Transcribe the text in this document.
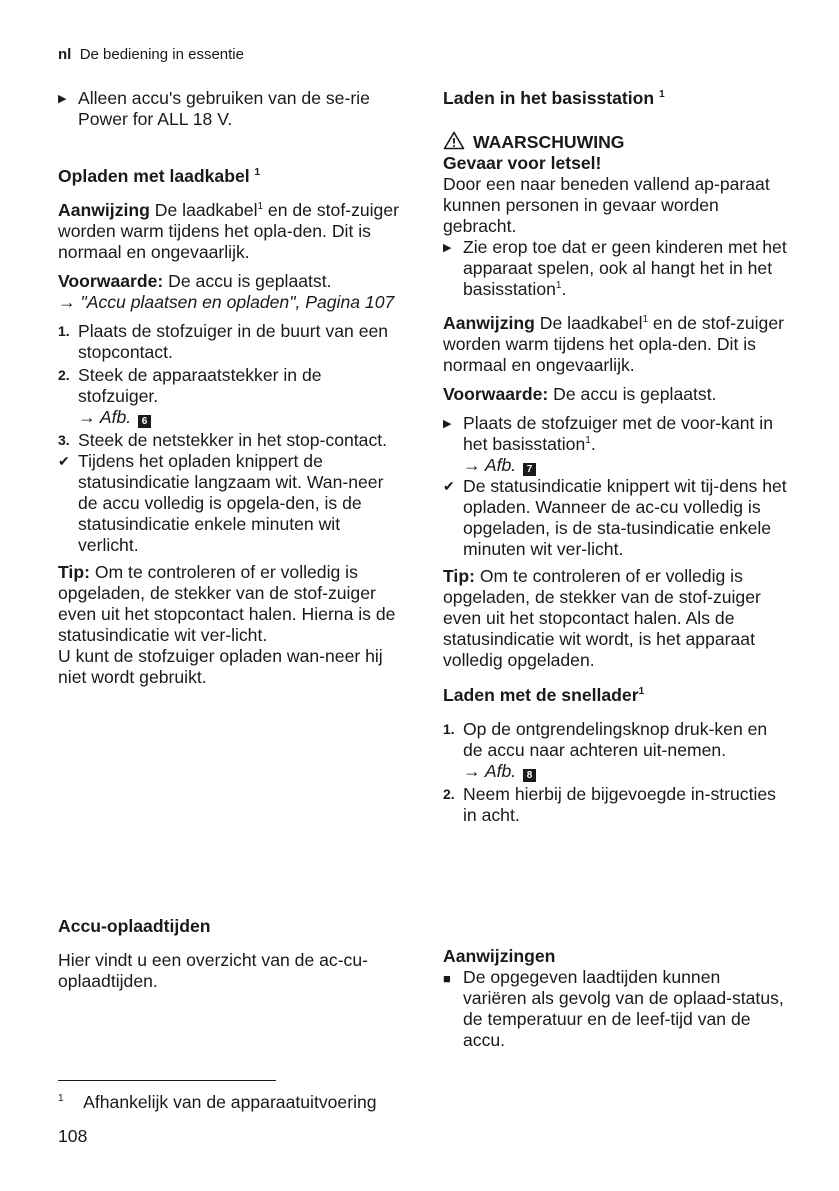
nl De bediening in essentie
▶ Alleen accu's gebruiken van de se-rie Power for ALL 18 V.
Opladen met laadkabel $^1$

Aanwijzing De laadkabel$^1$ en de stof-zuiger worden warm tijdens het opla-den. Dit is normaal en ongevaarlijk.

Voorwaarde: De accu is geplaatst.

→ "Accu plaatsen en opladen", Pagina 107

1. Plaats de stofzuiger in de buurt van een stopcontact.
2. Steek de apparaatstekker in de stofzuiger.
→ Afb. 6
3. Steek de netstekker in het stop-contact.
✔ Tijdens het opladen knippert de statusindicatie langzaam wit. Wan-neer de accu volledig is opgela-den, is de statusindicatie enkele minuten wit verlicht.

Tip: Om te controleren of er volledig is opgeladen, de stekker van de stof-zuiger even uit het stopcontact halen. Hierna is de statusindicatie wit ver-licht.

U kunt de stofzuiger opladen wan-neer hij niet wordt gebruikt.

Accu-oplaadtijden

Hier vindt u een overzicht van de ac-cu-oplaadtijden.

Laden in het basisstation $^1$
WAARSCHUWING
Gevaar voor letsel!

Door een naar beneden vallend ap-paraat kunnen personen in gevaar worden gebracht.

▶ Zie erop toe dat er geen kinderen met het apparaat spelen, ook al hangt het in het basisstation$^1$.

Aanwijzing De laadkabel$^1$ en de stof-zuiger worden warm tijdens het opla-den. Dit is normaal en ongevaarlijk.

Voorwaarde: De accu is geplaatst.

▶ Plaats de stofzuiger met de voor-kant in het basisstation$^1$.
→ Afb. 7
✔ De statusindicatie knippert wit tij-dens het opladen. Wanneer de ac-cu volledig is opgeladen, is de sta-tusindicatie enkele minuten wit ver-licht.

Tip: Om te controleren of er volledig is opgeladen, de stekker van de stof-zuiger even uit het stopcontact halen. Als de statusindicatie wit wordt, is het apparaat volledig opgeladen.

Laden met de snellader$^1$
1. Op de ontgrendelingsknop druk-ken en de accu naar achteren uit-nemen.
→ Afb. 8
2. Neem hierbij de bijgevoegde in-structies in acht.
Aanwijzingen
■ De opgegeven laadtijden kunnen variëren als gevolg van de oplaad-status, de temperatuur en de leef-tijd van de accu.
$^1$ Afhankelijk van de apparaatuitvoering
108
